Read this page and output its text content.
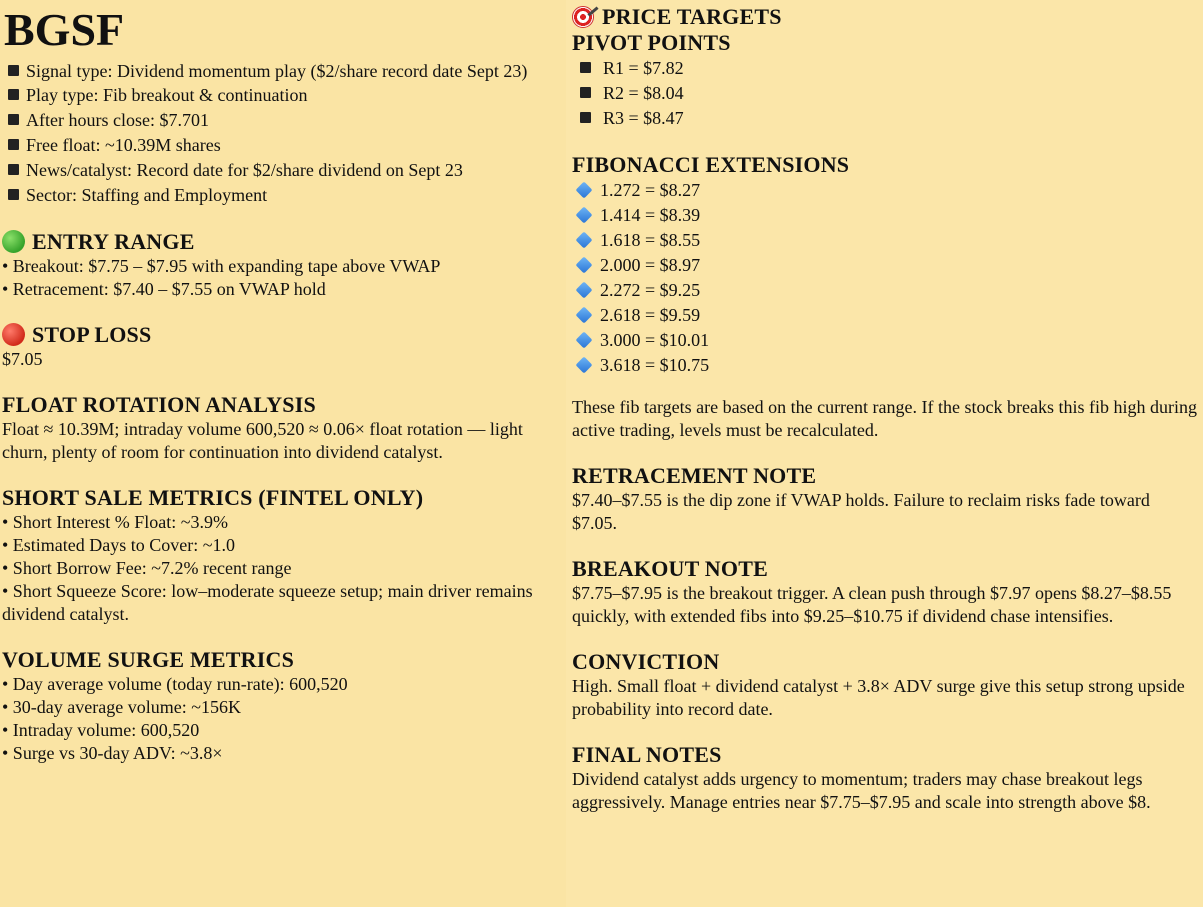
BGSF

Signal type: Dividend momentum play ($2/share record date Sept 23)

Play type: Fib breakout & continuation

After hours close: $7.701

Free float: ~10.39M shares

News/catalyst: Record date for $2/share dividend on Sept 23

Sector: Staffing and Employment

ENTRY RANGE

• Breakout: $7.75 – $7.95 with expanding tape above VWAP

• Retracement: $7.40 – $7.55 on VWAP hold

STOP LOSS

$7.05

FLOAT ROTATION ANALYSIS

Float ≈ 10.39M; intraday volume 600,520 ≈ 0.06× float rotation — light churn, plenty of room for continuation into dividend catalyst.

SHORT SALE METRICS (FINTEL ONLY)

• Short Interest % Float: ~3.9%

• Estimated Days to Cover: ~1.0

• Short Borrow Fee: ~7.2% recent range

• Short Squeeze Score: low–moderate squeeze setup; main driver remains dividend catalyst.

VOLUME SURGE METRICS

• Day average volume (today run-rate): 600,520

• 30-day average volume: ~156K

• Intraday volume: 600,520

• Surge vs 30-day ADV: ~3.8×

PRICE TARGETS

PIVOT POINTS

R1 = $7.82

R2 = $8.04

R3 = $8.47

FIBONACCI EXTENSIONS

1.272 = $8.27

1.414 = $8.39

1.618 = $8.55

2.000 = $8.97

2.272 = $9.25

2.618 = $9.59

3.000 = $10.01

3.618 = $10.75

These fib targets are based on the current range. If the stock breaks this fib high during active trading, levels must be recalculated.

RETRACEMENT NOTE

$7.40–$7.55 is the dip zone if VWAP holds. Failure to reclaim risks fade toward $7.05.

BREAKOUT NOTE

$7.75–$7.95 is the breakout trigger. A clean push through $7.97 opens $8.27–$8.55 quickly, with extended fibs into $9.25–$10.75 if dividend chase intensifies.

CONVICTION

High. Small float + dividend catalyst + 3.8× ADV surge give this setup strong upside probability into record date.

FINAL NOTES

Dividend catalyst adds urgency to momentum; traders may chase breakout legs aggressively. Manage entries near $7.75–$7.95 and scale into strength above $8.
